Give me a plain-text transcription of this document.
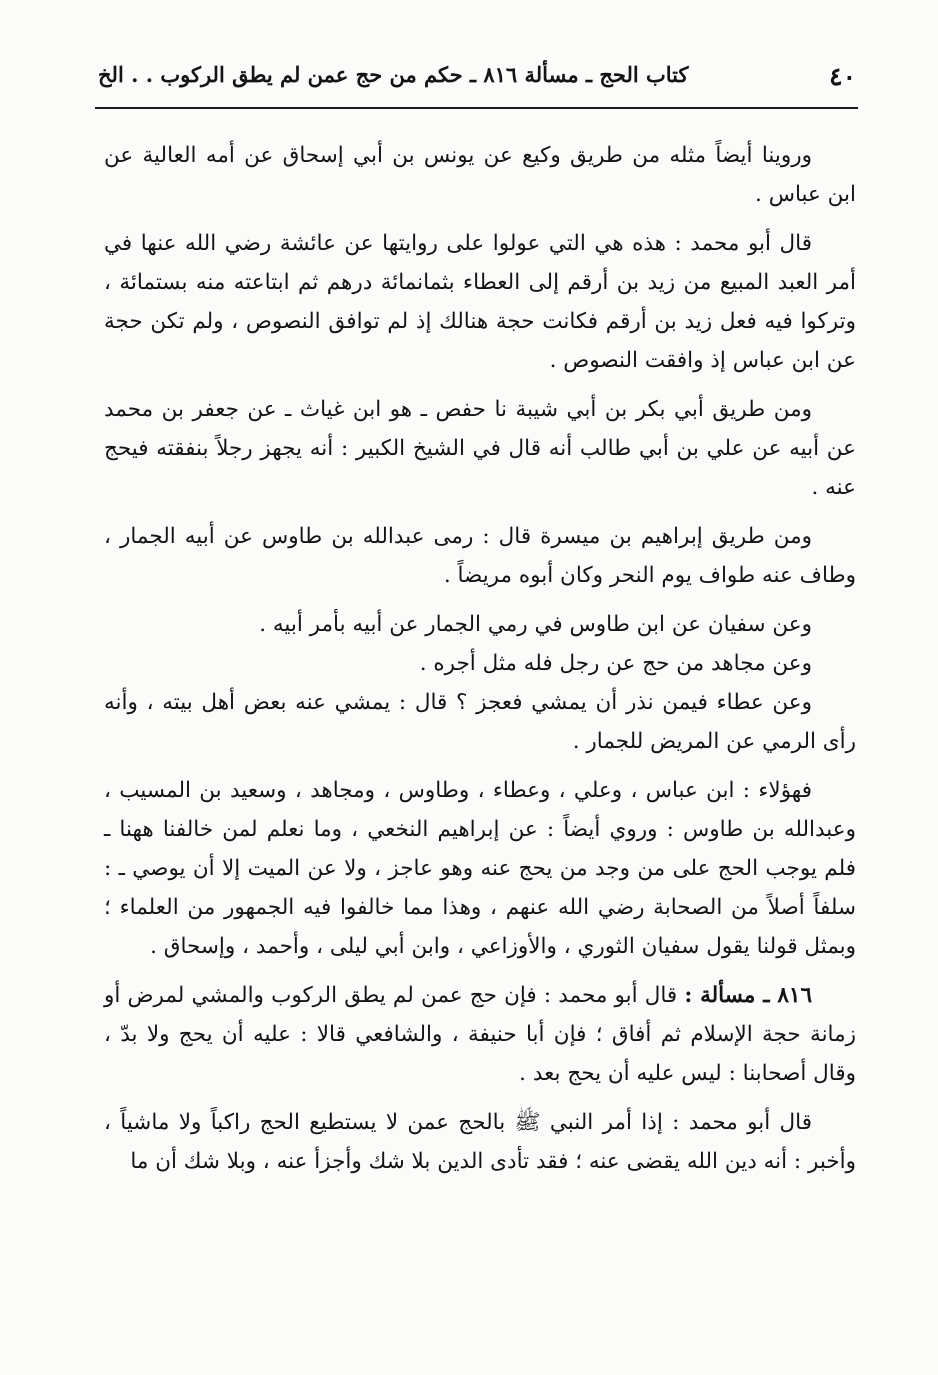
٤٠
كتاب الحج ـ مسألة ٨١٦ ـ حكم من حج عمن لم يطق الركوب . . الخ

وروينا أيضاً مثله من طريق وكيع عن يونس بن أبي إسحاق عن أمه العالية عن ابن عباس .

قال أبو محمد : هذه هي التي عولوا على روايتها عن عائشة رضي الله عنها في أمر العبد المبيع من زيد بن أرقم إلى العطاء بثمانمائة درهم ثم ابتاعته منه بستمائة ، وتركوا فيه فعل زيد بن أرقم فكانت حجة هنالك إذ لم توافق النصوص ، ولم تكن حجة عن ابن عباس إذ وافقت النصوص .

ومن طريق أبي بكر بن أبي شيبة نا حفص ـ هو ابن غياث ـ عن جعفر بن محمد عن أبيه عن علي بن أبي طالب أنه قال في الشيخ الكبير : أنه يجهز رجلاً بنفقته فيحج عنه .

ومن طريق إبراهيم بن ميسرة قال : رمى عبدالله بن طاوس عن أبيه الجمار ، وطاف عنه طواف يوم النحر وكان أبوه مريضاً .

وعن سفيان عن ابن طاوس في رمي الجمار عن أبيه بأمر أبيه .

وعن مجاهد من حج عن رجل فله مثل أجره .

وعن عطاء فيمن نذر أن يمشي فعجز ؟ قال : يمشي عنه بعض أهل بيته ، وأنه رأى الرمي عن المريض للجمار .

فهؤلاء : ابن عباس ، وعلي ، وعطاء ، وطاوس ، ومجاهد ، وسعيد بن المسيب ، وعبدالله بن طاوس : وروي أيضاً : عن إبراهيم النخعي ، وما نعلم لمن خالفنا ههنا ـ فلم يوجب الحج على من وجد من يحج عنه وهو عاجز ، ولا عن الميت إلا أن يوصي ـ : سلفاً أصلاً من الصحابة رضي الله عنهم ، وهذا مما خالفوا فيه الجمهور من العلماء ؛ وبمثل قولنا يقول سفيان الثوري ، والأوزاعي ، وابن أبي ليلى ، وأحمد ، وإسحاق .

٨١٦ ـ مسألة : قال أبو محمد : فإن حج عمن لم يطق الركوب والمشي لمرض أو زمانة حجة الإسلام ثم أفاق ؛ فإن أبا حنيفة ، والشافعي قالا : عليه أن يحج ولا بدّ ، وقال أصحابنا : ليس عليه أن يحج بعد .

قال أبو محمد : إذا أمر النبي ﷺ بالحج عمن لا يستطيع الحج راكباً ولا ماشياً ، وأخبر : أنه دين الله يقضى عنه ؛ فقد تأدى الدين بلا شك وأجزأ عنه ، وبلا شك أن ما
